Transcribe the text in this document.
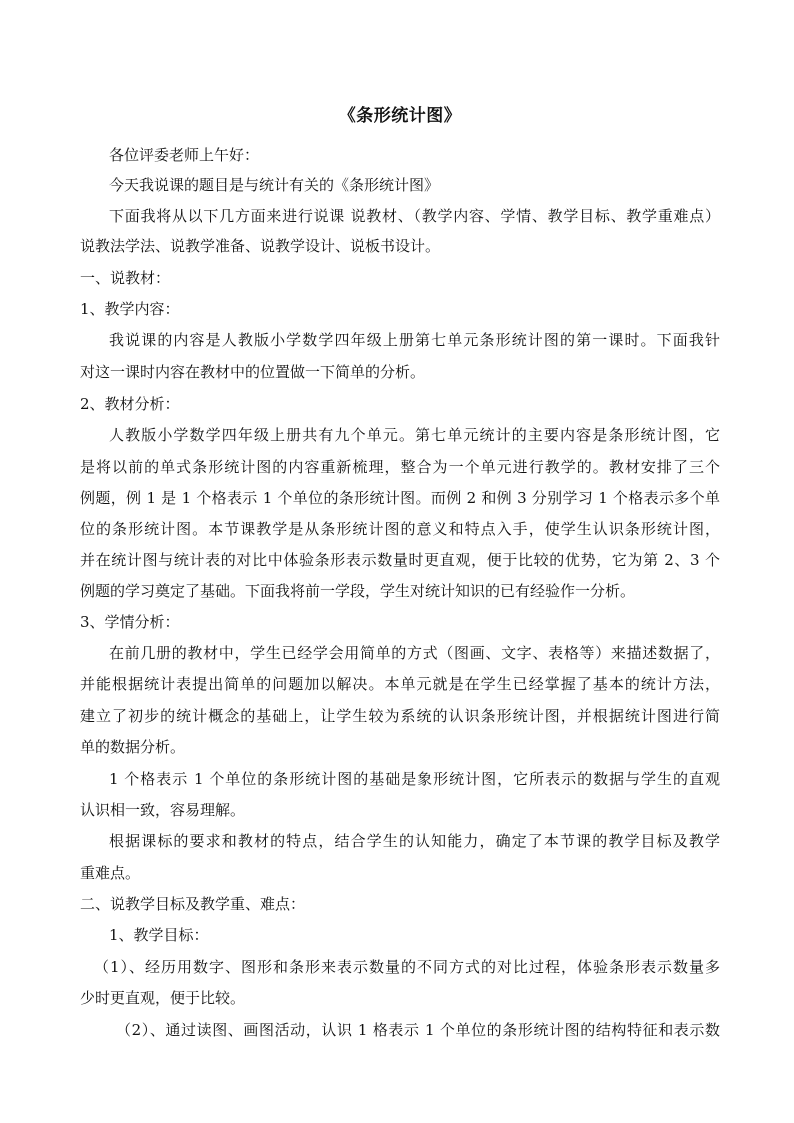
《条形统计图》
各位评委老师上午好：
今天我说课的题目是与统计有关的《条形统计图》
下面我将从以下几方面来进行说课 说教材、（教学内容、学情、教学目标、教学重难点）
说教法学法、说教学准备、说教学设计、说板书设计。
一、说教材：
1、教学内容：
我说课的内容是人教版小学数学四年级上册第七单元条形统计图的第一课时。下面我针
对这一课时内容在教材中的位置做一下简单的分析。
2、教材分析：
人教版小学数学四年级上册共有九个单元。第七单元统计的主要内容是条形统计图，它
是将以前的单式条形统计图的内容重新梳理，整合为一个单元进行教学的。教材安排了三个
例题，例 1 是 1 个格表示 1 个单位的条形统计图。而例 2 和例 3 分别学习 1 个格表示多个单
位的条形统计图。本节课教学是从条形统计图的意义和特点入手，使学生认识条形统计图，
并在统计图与统计表的对比中体验条形表示数量时更直观，便于比较的优势，它为第 2、3 个
例题的学习奠定了基础。下面我将前一学段，学生对统计知识的已有经验作一分析。
3、学情分析：
在前几册的教材中，学生已经学会用简单的方式（图画、文字、表格等）来描述数据了，
并能根据统计表提出简单的问题加以解决。本单元就是在学生已经掌握了基本的统计方法，
建立了初步的统计概念的基础上，让学生较为系统的认识条形统计图，并根据统计图进行简
单的数据分析。
1 个格表示 1 个单位的条形统计图的基础是象形统计图，它所表示的数据与学生的直观
认识相一致，容易理解。
根据课标的要求和教材的特点，结合学生的认知能力，确定了本节课的教学目标及教学
重难点。
二、说教学目标及教学重、难点：
1、教学目标：
（1）、经历用数字、图形和条形来表示数量的不同方式的对比过程，体验条形表示数量多
少时更直观，便于比较。
（2）、通过读图、画图活动，认识 1 格表示 1 个单位的条形统计图的结构特征和表示数
